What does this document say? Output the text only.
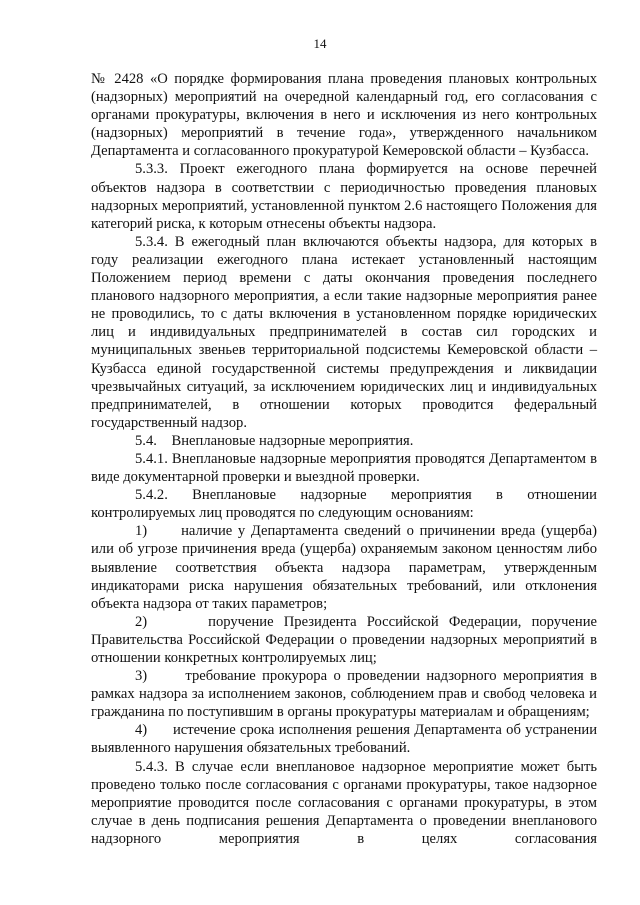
14

№ 2428 «О порядке формирования плана проведения плановых контрольных (надзорных) мероприятий на очередной календарный год, его согласования с органами прокуратуры, включения в него и исключения из него контрольных (надзорных) мероприятий в течение года», утвержденного начальником Департамента и согласованного прокуратурой Кемеровской области – Кузбасса.

5.3.3. Проект ежегодного плана формируется на основе перечней объектов надзора в соответствии с периодичностью проведения плановых надзорных мероприятий, установленной пунктом 2.6 настоящего Положения для категорий риска, к которым отнесены объекты надзора.

5.3.4. В ежегодный план включаются объекты надзора, для которых в году реализации ежегодного плана истекает установленный настоящим Положением период времени с даты окончания проведения последнего планового надзорного мероприятия, а если такие надзорные мероприятия ранее не проводились, то с даты включения в установленном порядке юридических лиц и индивидуальных предпринимателей в состав сил городских и муниципальных звеньев территориальной подсистемы Кемеровской области – Кузбасса единой государственной системы предупреждения и ликвидации чрезвычайных ситуаций, за исключением юридических лиц и индивидуальных предпринимателей, в отношении которых проводится федеральный государственный надзор.

5.4.    Внеплановые надзорные мероприятия.

5.4.1. Внеплановые надзорные мероприятия проводятся Департаментом в виде документарной проверки и выездной проверки.

5.4.2. Внеплановые надзорные мероприятия в отношении контролируемых лиц проводятся по следующим основаниям:

1)      наличие у Департамента сведений о причинении вреда (ущерба) или об угрозе причинения вреда (ущерба) охраняемым законом ценностям либо выявление соответствия объекта надзора параметрам, утвержденным индикаторами риска нарушения обязательных требований, или отклонения объекта надзора от таких параметров;

2)      поручение Президента Российской Федерации, поручение Правительства Российской Федерации о проведении надзорных мероприятий в отношении конкретных контролируемых лиц;

3)      требование прокурора о проведении надзорного мероприятия в рамках надзора за исполнением законов, соблюдением прав и свобод человека и гражданина по поступившим в органы прокуратуры материалам и обращениям;

4)      истечение срока исполнения решения Департамента об устранении выявленного нарушения обязательных требований.

5.4.3. В случае если внеплановое надзорное мероприятие может быть проведено только после согласования с органами прокуратуры, такое надзорное мероприятие проводится после согласования с органами прокуратуры, в этом случае в день подписания решения Департамента о проведении внепланового надзорного мероприятия в целях согласования
